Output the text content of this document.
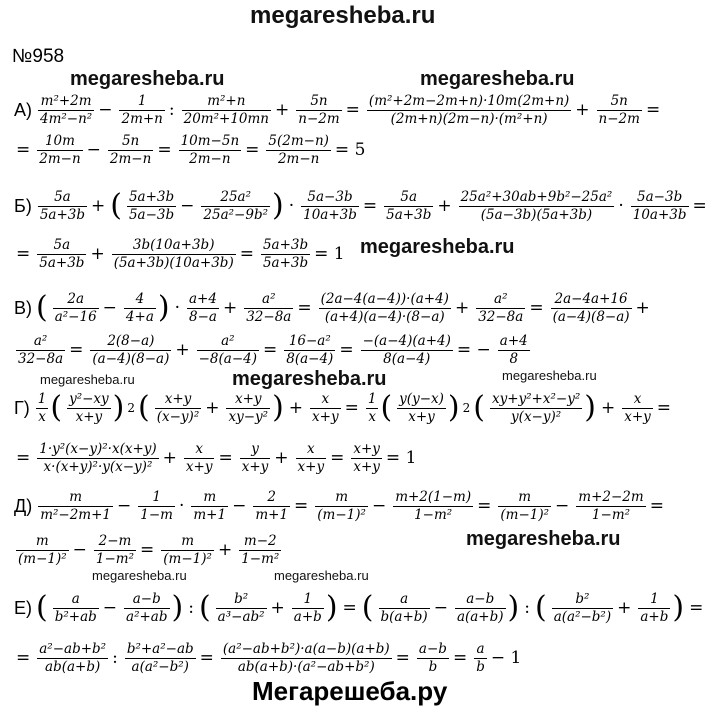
megaresheba.ru
№958
megaresheba.ru	megaresheba.ru
megaresheba.ru
megaresheba.ru	megaresheba.ru	megaresheba.ru
megaresheba.ru
megaresheba.ru	megaresheba.ru
$А) \frac{\text{m²+2m}}{\text{4m²−n²}} - \frac{1}{2m+n}$ : $\frac{\text{m²+n}}{\text{20m²+10mn}} + \frac{5n}{n-2m} = \frac{\text{(m²+2m−2m+n)·10m(2m+n)}}{\text{(2m+n)(2m−n)·(m²+n)}} + \frac{5n}{n-2m}$ =
= $\frac{10m}{2m-n} - \frac{5n}{2m-n} = \frac{10m-5n}{2m-n} = \frac{5(2m-n)}{2m-n} = 5$
$Б) \frac{5a}{5a+3b}$ + ( $\frac{5a+3b}{5a-3b} - \frac{\text{25a²}}{\text{25a²−9b²}}$ ) · $\frac{5a-3b}{10a+3b} = \frac{5a}{5a+3b} + \frac{\text{25a²+30ab+9b²−25a²}}{(5a-3b)(5a+3b)} \cdot \frac{5a-3b}{10a+3b}$ =
= $\frac{5a}{5a+3b} + \frac{3b(10a+3b)}{(5a+3b)(10a+3b)} = \frac{5a+3b}{5a+3b} = 1$
В) ( $\frac{2a}{\text{a²−16}} - \frac{4}{4+a}$ ) · $\frac{a+4}{8-a} + \frac{\text{a²}}{32-8a} = \frac{(2a-4(a-4))\cdot(a+4)}{(a+4)(a-4)\cdot(8-a)} + \frac{\text{a²}}{32-8a} = \frac{2a-4a+16}{(a-4)(8-a)}$ +
$\frac{\text{a²}}{32-8a} = \frac{2(8-a)}{(a-4)(8-a)} + \frac{\text{a²}}{-8(a-4)} = \frac{\text{16−a²}}{8(a-4)} = \frac{-(a-4)(a+4)}{8(a-4)}$ = − $\frac{a+4}{8}$
$Г) \frac{1}{x}$ ( $\frac{\text{y²−xy}}{x+y}$ ) 2 ( $\frac{x+y}{\text{(x−y)²}} + \frac{x+y}{\text{xy−y²}}$ ) + $\frac{x}{x+y} = \frac{1}{x}$ ( $\frac{y(y-x)}{x+y}$ ) 2 ( $\frac{\text{xy+y²+x²−y²}}{\text{y(x−y)²}}$ ) + $\frac{x}{x+y}$ =
= $\frac{\text{1·y²(x−y)²·x(x+y)}}{\text{x·(x+y)²·y(x−y)²}} + \frac{x}{x+y} = \frac{y}{x+y} + \frac{x}{x+y} = \frac{x+y}{x+y} = 1$
$Д) \frac{m}{\text{m²−2m+1}} - \frac{1}{1-m} \cdot \frac{m}{m+1} - \frac{2}{m+1} = \frac{m}{\text{(m−1)²}} - \frac{m+2(1-m)}{\text{1−m²}} = \frac{m}{\text{(m−1)²}} - \frac{m+2-2m}{\text{1−m²}}$ =
$\frac{m}{\text{(m−1)²}} - \frac{2-m}{\text{1−m²}} = \frac{m}{\text{(m−1)²}} + \frac{m-2}{\text{1−m²}}$
Е) ( $\frac{a}{\text{b²+ab}} - \frac{a-b}{\text{a²+ab}}$ ) : ( $\frac{\text{b²}}{\text{a³−ab²}} + \frac{1}{a+b}$ ) = ( $\frac{a}{b(a+b)} - \frac{a-b}{a(a+b)}$ ) : ( $\frac{\text{b²}}{\text{a(a²−b²)}} + \frac{1}{a+b}$ ) =
= $\frac{\text{a²−ab+b²}}{ab(a+b)}$ : $\frac{\text{b²+a²−ab}}{\text{a(a²−b²)}} = \frac{\text{(a²−ab+b²)·a(a−b)(a+b)}}{\text{ab(a+b)·(a²−ab+b²)}} = \frac{a-b}{b} = \frac{a}{b} - 1$
Мегарешеба.ру
